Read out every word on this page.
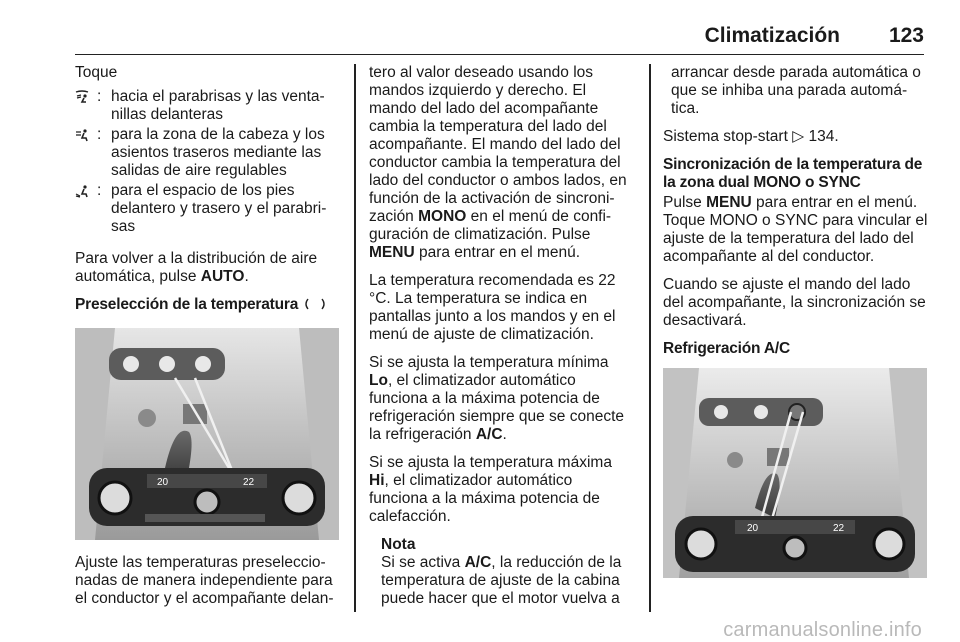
Climatización 123

Toque

: hacia el parabrisas y las venta-nillas delanteras
: para la zona de la cabeza y los asientos traseros mediante las salidas de aire regulables
: para el espacio de los pies delantero y trasero y el parabri-sas

Para volver a la distribución de aire automática, pulse AUTO.

Preselección de la temperatura

20	22

Ajuste las temperaturas preseleccio-nadas de manera independiente para el conductor y el acompañante delan-

tero al valor deseado usando los mandos izquierdo y derecho. El mando del lado del acompañante cambia la temperatura del lado del acompañante. El mando del lado del conductor cambia la temperatura del lado del conductor o ambos lados, en función de la activación de sincroni-zación MONO en el menú de confi-guración de climatización. Pulse MENU para entrar en el menú.

La temperatura recomendada es 22 °C. La temperatura se indica en pantallas junto a los mandos y en el menú de ajuste de climatización.

Si se ajusta la temperatura mínima Lo, el climatizador automático funciona a la máxima potencia de refrigeración siempre que se conecte la refrigeración A/C.

Si se ajusta la temperatura máxima Hi, el climatizador automático funciona a la máxima potencia de calefacción.

Nota
Si se activa A/C, la reducción de la temperatura de ajuste de la cabina puede hacer que el motor vuelva a

arrancar desde parada automática o que se inhiba una parada automá-tica.

Sistema stop-start ▷ 134.

Sincronización de la temperatura de la zona dual MONO o SYNC

Pulse MENU para entrar en el menú. Toque MONO o SYNC para vincular el ajuste de la temperatura del lado del acompañante al del conductor.

Cuando se ajuste el mando del lado del acompañante, la sincronización se desactivará.

Refrigeración A/C

20	22
carmanualsonline.info
